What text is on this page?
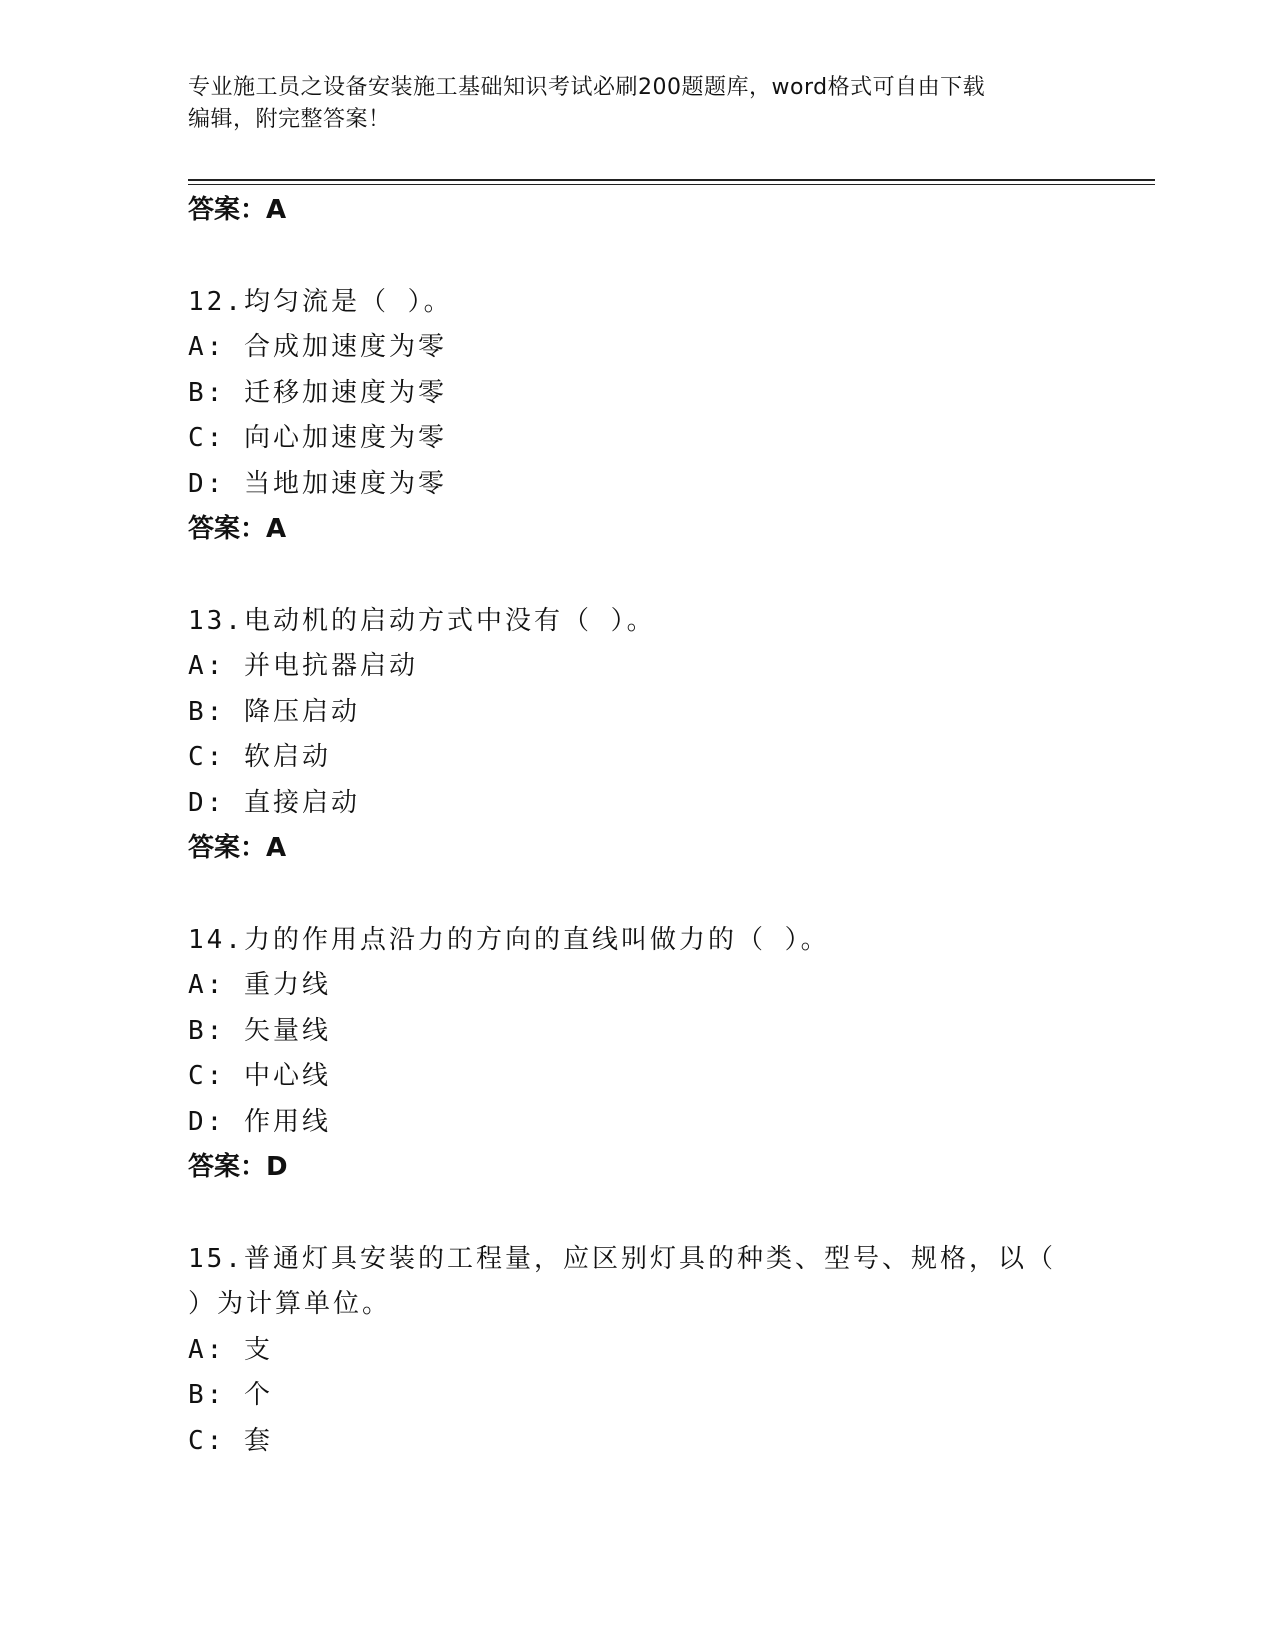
专业施工员之设备安装施工基础知识考试必刷200题题库，word格式可自由下载
编辑，附完整答案！
答案：A
12.均匀流是（ ）。
A: 合成加速度为零
B: 迁移加速度为零
C: 向心加速度为零
D: 当地加速度为零
答案：A
13.电动机的启动方式中没有（ ）。
A: 并电抗器启动
B: 降压启动
C: 软启动
D: 直接启动
答案：A
14.力的作用点沿力的方向的直线叫做力的（ ）。
A: 重力线
B: 矢量线
C: 中心线
D: 作用线
答案：D
15.普通灯具安装的工程量，应区别灯具的种类、型号、规格，以（
）为计算单位。
A: 支
B: 个
C: 套
